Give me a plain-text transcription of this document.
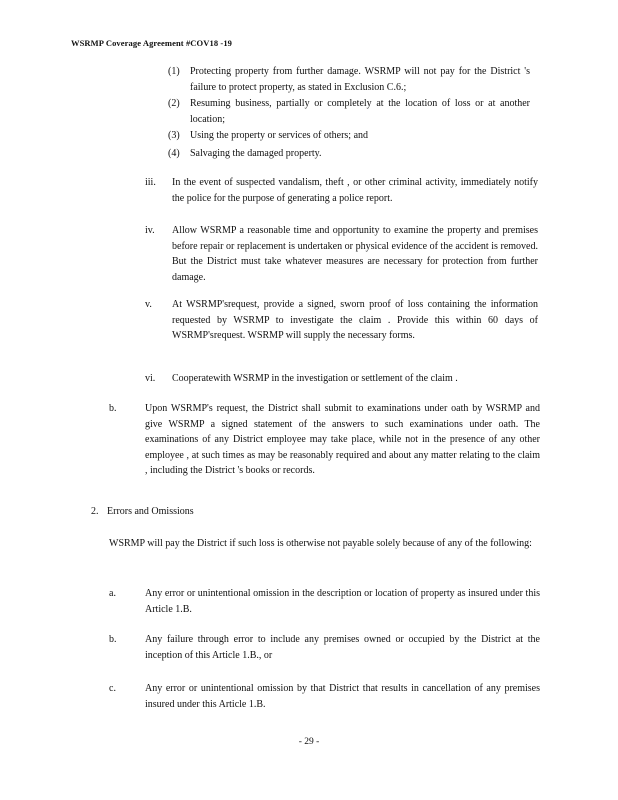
WSRMP Coverage Agreement #COV18 -19
(1) Protecting property from further damage. WSRMP will not pay for the District 's failure to protect property, as stated in Exclusion C.6.;
(2) Resuming business, partially or completely at the location of loss or at another location;
(3) Using the property or services of others; and
(4) Salvaging the damaged property.
iii. In the event of suspected vandalism, theft , or other criminal activity, immediately notify the police for the purpose of generating a police report.
iv. Allow WSRMP a reasonable time and opportunity to examine the property and premises before repair or replacement is undertaken or physical evidence of the accident is removed. But the District must take whatever measures are necessary for protection from further damage.
v. At WSRMP'srequest, provide a signed, sworn proof of loss containing the information requested by WSRMP to investigate the claim . Provide this within 60 days of WSRMP'srequest. WSRMP will supply the necessary forms.
vi. Cooperatewith WSRMP in the investigation or settlement of the claim .
b.	Upon WSRMP's request, the District shall submit to examinations under oath by WSRMP and give WSRMP a signed statement of the answers to such examinations under oath. The examinations of any District employee may take place, while not in the presence of any other employee , at such times as may be reasonably required and about any matter relating to the claim , including the District 's books or records.
2. Errors and Omissions
WSRMP will pay the District if such loss is otherwise not payable solely because of any of the following:
a.	Any error or unintentional omission in the description or location of property as insured under this Article 1.B.
b.	Any failure through error to include any premises owned or occupied by the District at the inception of this Article 1.B., or
c.	Any error or unintentional omission by that District that results in cancellation of any premises insured under this Article 1.B.
- 29 -
